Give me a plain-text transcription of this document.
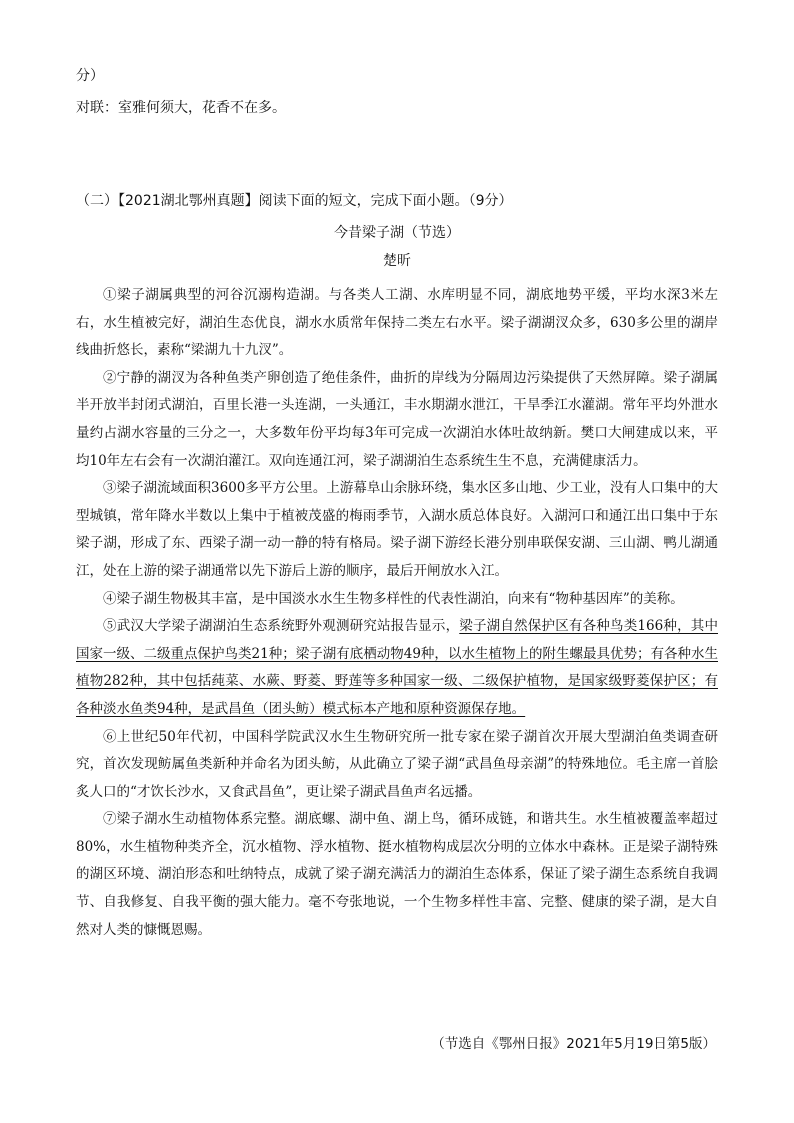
分）
对联：室雅何须大，花香不在多。
（二）【2021湖北鄂州真题】阅读下面的短文，完成下面小题。（9分）
今昔梁子湖（节选）
楚昕

①梁子湖属典型的河谷沉溺构造湖。与各类人工湖、水库明显不同，湖底地势平缓，平均水深3米左右，水生植被完好，湖泊生态优良，湖水水质常年保持二类左右水平。梁子湖湖汊众多，630多公里的湖岸线曲折悠长，素称“梁湖九十九汊”。

②宁静的湖汊为各种鱼类产卵创造了绝佳条件，曲折的岸线为分隔周边污染提供了天然屏障。梁子湖属半开放半封闭式湖泊，百里长港一头连湖，一头通江，丰水期湖水泄江，干旱季江水灌湖。常年平均外泄水量约占湖水容量的三分之一，大多数年份平均每3年可完成一次湖泊水体吐故纳新。樊口大闸建成以来，平均10年左右会有一次湖泊灌江。双向连通江河，梁子湖湖泊生态系统生生不息，充满健康活力。

③梁子湖流域面积3600多平方公里。上游幕阜山余脉环绕，集水区多山地、少工业，没有人口集中的大型城镇，常年降水半数以上集中于植被茂盛的梅雨季节，入湖水质总体良好。入湖河口和通江出口集中于东梁子湖，形成了东、西梁子湖一动一静的特有格局。梁子湖下游经长港分别串联保安湖、三山湖、鸭儿湖通江，处在上游的梁子湖通常以先下游后上游的顺序，最后开闸放水入江。

④梁子湖生物极其丰富，是中国淡水水生生物多样性的代表性湖泊，向来有“物种基因库”的美称。

⑤武汉大学梁子湖湖泊生态系统野外观测研究站报告显示，梁子湖自然保护区有各种鸟类166种，其中国家一级、二级重点保护鸟类21种；梁子湖有底栖动物49种，以水生植物上的附生螺最具优势；有各种水生植物282种，其中包括莼菜、水蕨、野菱、野莲等多种国家一级、二级保护植物，是国家级野菱保护区；有各种淡水鱼类94种，是武昌鱼（团头鲂）模式标本产地和原种资源保存地。

⑥上世纪50年代初，中国科学院武汉水生生物研究所一批专家在梁子湖首次开展大型湖泊鱼类调查研究，首次发现鲂属鱼类新种并命名为团头鲂，从此确立了梁子湖“武昌鱼母亲湖”的特殊地位。毛主席一首脍炙人口的“才饮长沙水，又食武昌鱼”，更让梁子湖武昌鱼声名远播。

⑦梁子湖水生动植物体系完整。湖底螺、湖中鱼、湖上鸟，循环成链，和谐共生。水生植被覆盖率超过80%，水生植物种类齐全，沉水植物、浮水植物、挺水植物构成层次分明的立体水中森林。正是梁子湖特殊的湖区环境、湖泊形态和吐纳特点，成就了梁子湖充满活力的湖泊生态体系，保证了梁子湖生态系统自我调节、自我修复、自我平衡的强大能力。毫不夸张地说，一个生物多样性丰富、完整、健康的梁子湖，是大自然对人类的慷慨恩赐。

（节选自《鄂州日报》2021年5月19日第5版）
